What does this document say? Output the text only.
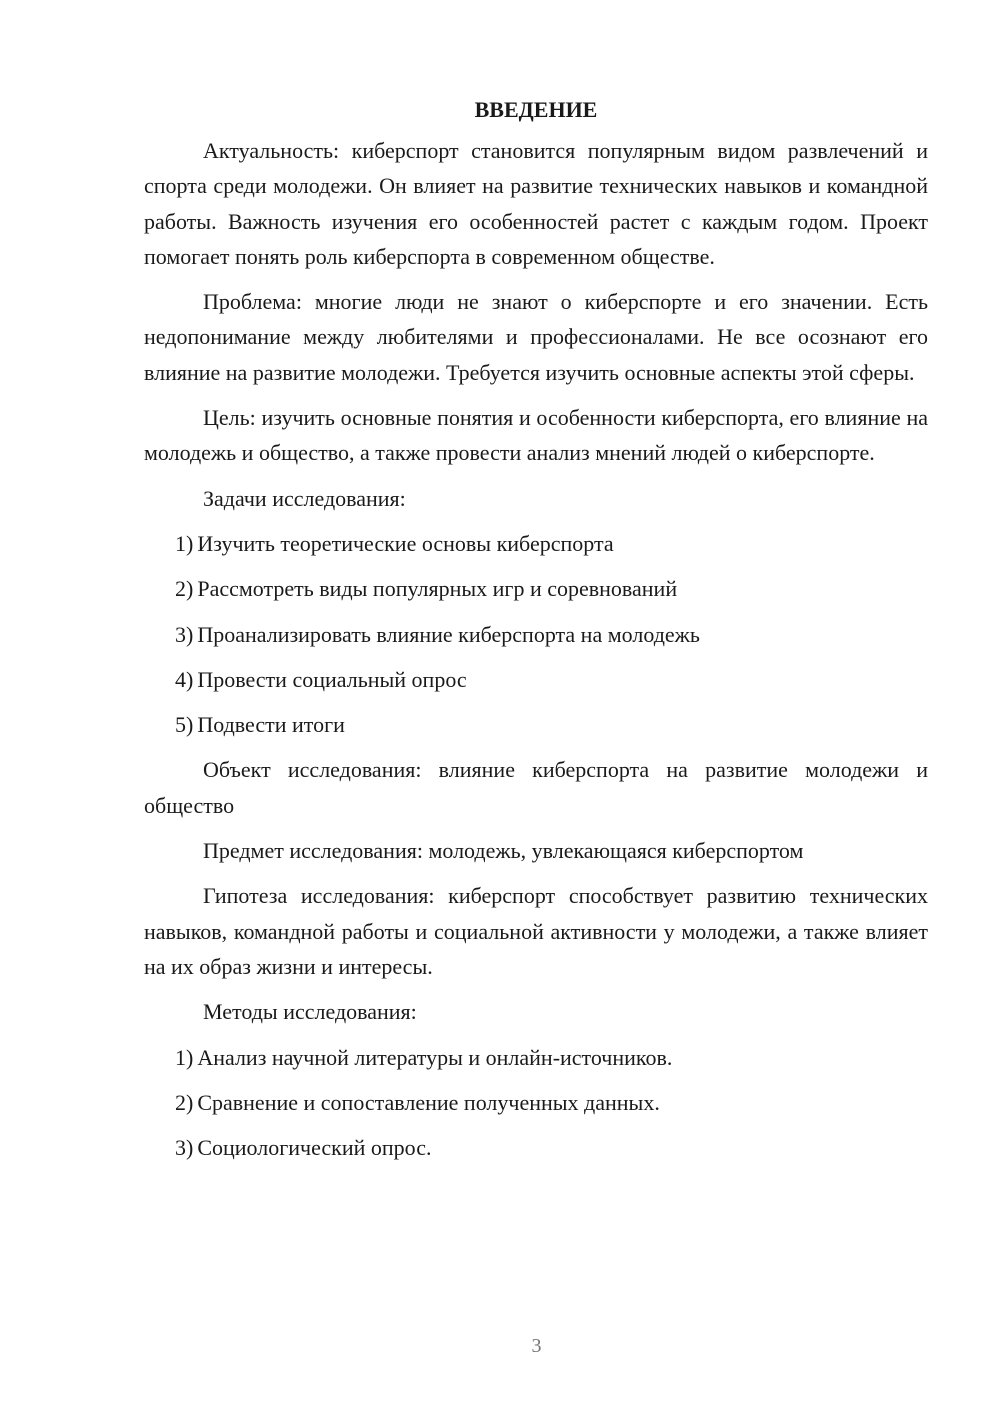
ВВЕДЕНИЕ

Актуальность: киберспорт становится популярным видом развлечений и спорта среди молодежи. Он влияет на развитие технических навыков и командной работы. Важность изучения его особенностей растет с каждым годом. Проект помогает понять роль киберспорта в современном обществе.

Проблема: многие люди не знают о киберспорте и его значении. Есть недопонимание между любителями и профессионалами. Не все осознают его влияние на развитие молодежи. Требуется изучить основные аспекты этой сферы.

Цель: изучить основные понятия и особенности киберспорта, его влияние на молодежь и общество, а также провести анализ мнений людей о киберспорте.

Задачи исследования:

1) Изучить теоретические основы киберспорта
2) Рассмотреть виды популярных игр и соревнований
3) Проанализировать влияние киберспорта на молодежь
4) Провести социальный опрос
5) Подвести итоги

Объект исследования: влияние киберспорта на развитие молодежи и общество

Предмет исследования: молодежь, увлекающаяся киберспортом

Гипотеза исследования: киберспорт способствует развитию технических навыков, командной работы и социальной активности у молодежи, а также влияет на их образ жизни и интересы.

Методы исследования:

1) Анализ научной литературы и онлайн-источников.
2) Сравнение и сопоставление полученных данных.
3) Социологический опрос.
3
